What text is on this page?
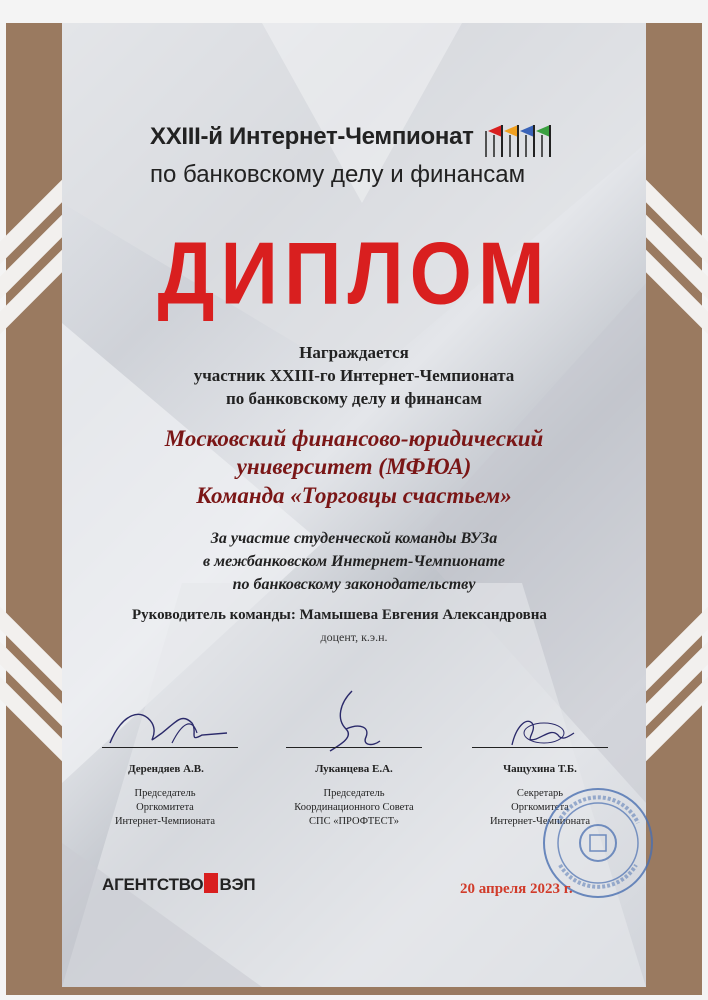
XXIII-й Интернет-Чемпионат
по банковскому делу и финансам
ДИПЛОМ
Награждается
участник XXIII-го Интернет-Чемпионата
по банковскому делу и финансам
Московский финансово-юридический
университет (МФЮА)
Команда «Торговцы счастьем»
За участие студенческой команды ВУЗа
в межбанковском Интернет-Чемпионате
по банковскому законодательству
Руководитель команды: Мамышева Евгения Александровна
доцент, к.э.н.
Дерендяев А.В.
Председатель
Оргкомитета
Интернет-Чемпионата
Луканцева Е.А.
Председатель
Координационного Совета
СПС «ПРОФТЕСТ»
Чащухина Т.Б.
Секретарь
Оргкомитета
Интернет-Чемпионата
АГЕНТСТВО ВЭП	20 апреля 2023 г.
